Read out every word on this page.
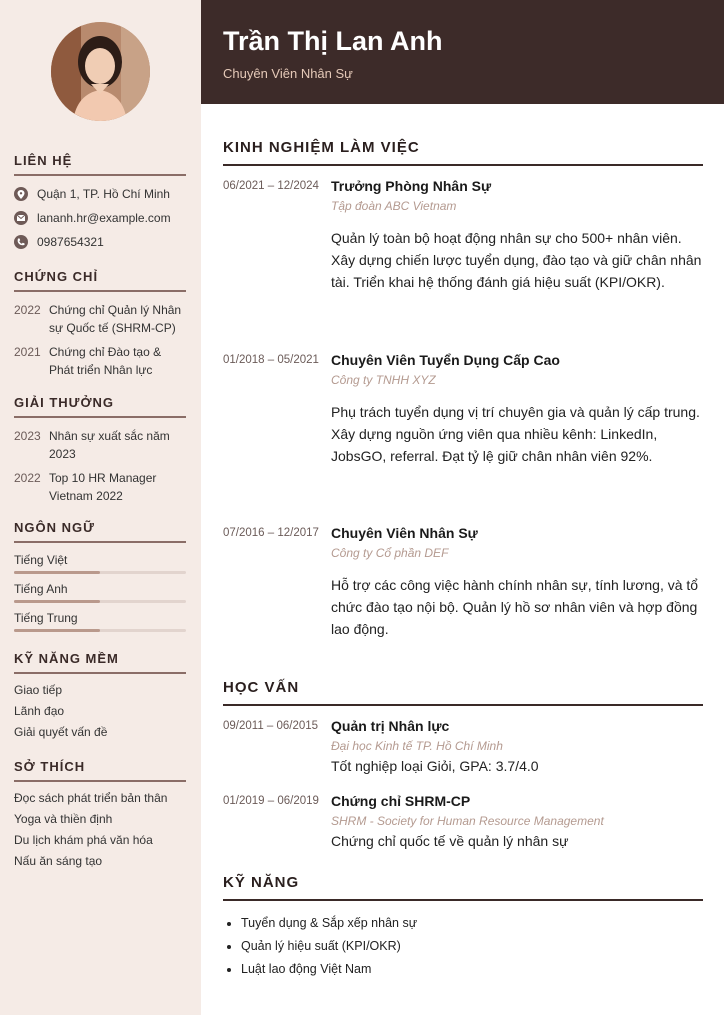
LIÊN HỆ
Quận 1, TP. Hồ Chí Minh
lananh.hr@example.com
0987654321
CHỨNG CHỈ
2022 Chứng chỉ Quản lý Nhân sự Quốc tế (SHRM-CP)
2021 Chứng chỉ Đào tạo & Phát triển Nhân lực
GIẢI THƯỞNG
2023 Nhân sự xuất sắc năm 2023
2022 Top 10 HR Manager Vietnam 2022
NGÔN NGỮ
Tiếng Việt
Tiếng Anh
Tiếng Trung
KỸ NĂNG MỀM
Giao tiếp
Lãnh đạo
Giải quyết vấn đề
SỞ THÍCH
Đọc sách phát triển bản thân
Yoga và thiền định
Du lịch khám phá văn hóa
Nấu ăn sáng tạo
Trần Thị Lan Anh
Chuyên Viên Nhân Sự
KINH NGHIỆM LÀM VIỆC
06/2021 – 12/2024 Trưởng Phòng Nhân Sự
Tập đoàn ABC Vietnam
Quản lý toàn bộ hoạt động nhân sự cho 500+ nhân viên. Xây dựng chiến lược tuyển dụng, đào tạo và giữ chân nhân tài. Triển khai hệ thống đánh giá hiệu suất (KPI/OKR).
01/2018 – 05/2021 Chuyên Viên Tuyển Dụng Cấp Cao
Công ty TNHH XYZ
Phụ trách tuyển dụng vị trí chuyên gia và quản lý cấp trung. Xây dựng nguồn ứng viên qua nhiều kênh: LinkedIn, JobsGO, referral. Đạt tỷ lệ giữ chân nhân viên 92%.
07/2016 – 12/2017 Chuyên Viên Nhân Sự
Công ty Cổ phần DEF
Hỗ trợ các công việc hành chính nhân sự, tính lương, và tổ chức đào tạo nội bộ. Quản lý hồ sơ nhân viên và hợp đồng lao động.
HỌC VẤN
09/2011 – 06/2015 Quản trị Nhân lực
Đại học Kinh tế TP. Hồ Chí Minh
Tốt nghiệp loại Giỏi, GPA: 3.7/4.0
01/2019 – 06/2019 Chứng chỉ SHRM-CP
SHRM - Society for Human Resource Management
Chứng chỉ quốc tế về quản lý nhân sự
KỸ NĂNG
Tuyển dụng & Sắp xếp nhân sự
Quản lý hiệu suất (KPI/OKR)
Luật lao động Việt Nam
